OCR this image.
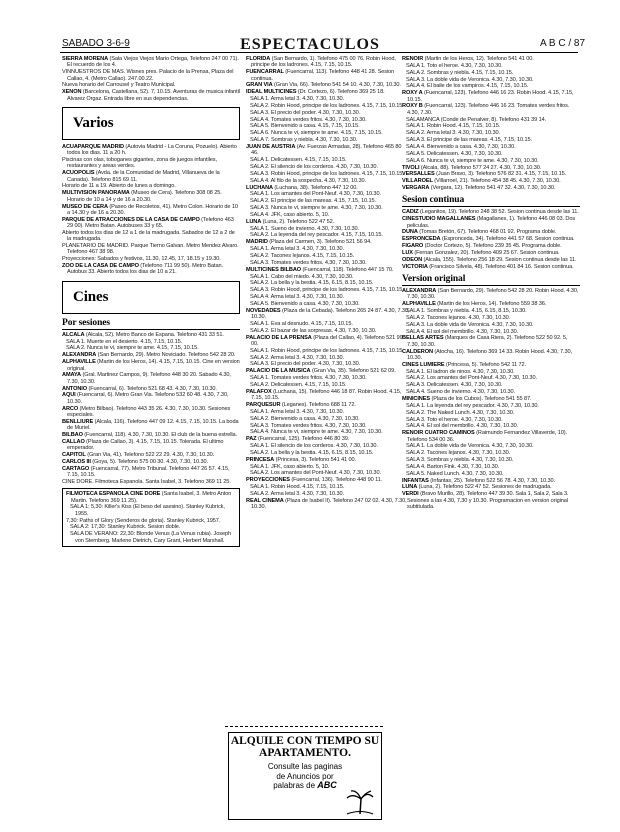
SABADO 3-6-9	ESPECTACULOS	A B C / 87

SIERRA MORENA (Sala Viejos Viejos Mario Ortega, Telefono 247 00 71). El recuerdo de los 4.

VINNUESTROS DE MAS. Wisnes pres. Palacio de la Prensa, Plaza del Callao, 4. (Metro Callao). 247.00.22.

Nueva horario del Carrousel y Teatro Municipal.

XENON (Barcelona, Castellana, 52). 7, 10.15. Aventuras de musica infantil Alvarez Orgaz. Entrada libre en sus dependencias.

Varios

ACUAPARQUE MADRID (Autovia Madrid - La Coruna, Pozuelo). Abierto todos los dias. 11 a 20 h.

Piscinas con olas, toboganes gigantes, zona de juegos infantiles, restaurantes y areas verdes.

ACUOPOLIS (Avda. de la Comunidad de Madrid, Villanueva de la Canada). Telefono 815 69 11.

Horario de 11 a 19. Abierto de lunes a domingo.

MULTIVISION PANORAMA (Museo de Cera). Telefono 308 08 25. Horario de 10 a 14 y de 16 a 20.30.

MUSEO DE CERA (Paseo de Recoletos, 41). Metro Colon. Horario de 10 a 14.30 y de 16 a 20.30.

PARQUE DE ATRACCIONES DE LA CASA DE CAMPO (Telefono 463 29 00). Metro Batan. Autobuses 33 y 65.

Abierto todos los dias de 12 a 1 de la madrugada. Sabados de 12 a 2 de la madrugada.

PLANETARIO DE MADRID. Parque Tierno Galvan. Metro Mendez Alvaro. Telefono 467 38 98.

Proyecciones: Sabados y festivos, 11.30, 12.45, 17, 18.15 y 19.30.

ZOO DE LA CASA DE CAMPO (Telefono 711 99 50). Metro Batan. Autobus 33. Abierto todos los dias de 10 a 21.

Cines
Por sesiones

ALCALA (Alcala, 52). Metro Banco de Espana. Telefono 431 33 51.

SALA 1. Muerte en el desierto. 4.15, 7.15, 10.15.

SALA 2. Nunca te vi, siempre te ame. 4.15, 7.15, 10.15.

ALEXANDRA (San Bernardo, 29). Metro Noviciado. Telefono 542 28 20.

ALPHAVILLE (Martin de los Heros, 14). 4.15, 7.15, 10.15. Cine en version original.

AMAYA (Gral. Martinez Campos, 9). Telefono 448 30 20. Sabado 4.30, 7.30, 10.30.

ANTONIO (Fuencarral, 6). Telefono 521 68 43. 4.30, 7.30, 10.30.

AQUI (Fuencarral, 6). Metro Gran Via. Telefono 532 60 48. 4.30, 7.30, 10.30.

ARCO (Metro Bilbao). Telefono 443 35 26. 4.30, 7.30, 10.30. Sesiones especiales.

BENLLIURE (Alcala, 116). Telefono 447 09 12. 4.15, 7.15, 10.15. La boda de Muriel.

BILBAO (Fuencarral, 118). 4.30, 7.30, 10.30. El club de la buena estrella.

CALLAO (Plaza de Callao, 3). 4.15, 7.15, 10.15. Tolerada. El ultimo emperador.

CAPITOL (Gran Via, 41). Telefono 522 22 29. 4.30, 7.30, 10.30.

CARLOS III (Goya, 5). Telefono 575 00 30. 4.30, 7.30, 10.30.

CARTAGO (Fuencarral, 77). Metro Tribunal. Telefono 447 26 57. 4.15, 7.15, 10.15.

CINE DORE. Filmoteca Espanola. Santa Isabel, 3. Telefono 369 11 25.

FILMOTECA ESPANOLA CINE DORE (Santa Isabel, 3. Metro Anton Martin. Telefono 369 11 25).

SALA 1: 5,30: Killer's Kiss (El beso del asesino). Stanley Kubrick, 1955.

7,30: Paths of Glory (Senderos de gloria). Stanley Kubrick, 1957.

SALA 2: 17,30: Stanley Kubrick. Sesion doble.

SALA DE VERANO: 22,30: Blonde Venus (La Venus rubia). Joseph von Sternberg. Marlene Dietrich, Cary Grant, Herbert Marshall.

FLORIDA (San Bernardo, 1). Telefono 475 00 76. Robin Hood, principe de los ladrones. 4.15, 7.15, 10.15.

FUENCARRAL (Fuencarral, 113). Telefono 448 41 28. Sesion continua.

GRAN VIA (Gran Via, 66). Telefono 541 54 10. 4.30, 7.30, 10.30.

IDEAL MULTICINES (Dr. Cortezo, 6). Telefono 369 25 18.

SALA 1. Arma letal 3. 4.30, 7.30, 10.30.

SALA 2. Robin Hood, principe de los ladrones. 4.15, 7.15, 10.15.

SALA 3. El precio del poder. 4.30, 7.30, 10.30.

SALA 4. Tomates verdes fritos. 4.30, 7.30, 10.30.

SALA 5. Bienvenido a casa. 4.15, 7.15, 10.15.

SALA 6. Nunca te vi, siempre te ame. 4.15, 7.15, 10.15.

SALA 7. Sombras y niebla. 4.30, 7.30, 10.30.

JUAN DE AUSTRIA (Av. Fuerzas Armadas, 28). Telefono 465 80 46.

SALA 1. Delicatessen. 4.15, 7.15, 10.15.

SALA 2. El silencio de los corderos. 4.30, 7.30, 10.30.

SALA 3. Robin Hood, principe de los ladrones. 4.15, 7.15, 10.15.

SALA 4. Al filo de la sospecha. 4.30, 7.30, 10.30.

LUCHANA (Luchana, 38). Telefono 447 12 00.

SALA 1. Los amantes del Pont-Neuf. 4.30, 7.30, 10.30.

SALA 2. El principe de las mareas. 4.15, 7.15, 10.15.

SALA 3. Nunca te vi, siempre te ame. 4.30, 7.30, 10.30.

SALA 4. JFK, caso abierto. 5, 10.

LUNA (Luna, 2). Telefono 522 47 52.

SALA 1. Sueno de invierno. 4.30, 7.30, 10.30.

SALA 2. La leyenda del rey pescador. 4.15, 7.15, 10.15.

MADRID (Plaza del Carmen, 3). Telefono 521 56 94.

SALA 1. Arma letal 3. 4.30, 7.30, 10.30.

SALA 2. Tacones lejanos. 4.15, 7.15, 10.15.

SALA 3. Tomates verdes fritos. 4.30, 7.30, 10.30.

MULTICINES BILBAO (Fuencarral, 118). Telefono 447 15 70.

SALA 1. Cabo del miedo. 4.30, 7.30, 10.30.

SALA 2. La bella y la bestia. 4.15, 6.15, 8.15, 10.15.

SALA 3. Robin Hood, principe de los ladrones. 4.15, 7.15, 10.15.

SALA 4. Arma letal 3. 4.30, 7.30, 10.30.

SALA 5. Bienvenido a casa. 4.30, 7.30, 10.30.

NOVEDADES (Plaza de la Cebada). Telefono 265 24 87. 4.30, 7.30, 10.30.

SALA 1. Eva al desnudo. 4.15, 7.15, 10.15.

SALA 2. El bazar de las sorpresas. 4.30, 7.30, 10.30.

PALACIO DE LA PRENSA (Plaza del Callao, 4). Telefono 521 99 00.

SALA 1. Robin Hood, principe de los ladrones. 4.15, 7.15, 10.15.

SALA 2. Arma letal 3. 4.30, 7.30, 10.30.

SALA 3. El precio del poder. 4.30, 7.30, 10.30.

PALACIO DE LA MUSICA (Gran Via, 35). Telefono 521 62 09.

SALA 1. Tomates verdes fritos. 4.30, 7.30, 10.30.

SALA 2. Delicatessen. 4.15, 7.15, 10.15.

PALAFOX (Luchana, 15). Telefono 446 18 87. Robin Hood. 4.15, 7.15, 10.15.

PARQUESUR (Leganes). Telefono 688 11 72.

SALA 1. Arma letal 3. 4.30, 7.30, 10.30.

SALA 2. Bienvenido a casa. 4.30, 7.30, 10.30.

SALA 3. Tomates verdes fritos. 4.30, 7.30, 10.30.

SALA 4. Nunca te vi, siempre te ame. 4.30, 7.30, 10.30.

PAZ (Fuencarral, 125). Telefono 446 80 39.

SALA 1. El silencio de los corderos. 4.30, 7.30, 10.30.

SALA 2. La bella y la bestia. 4.15, 6.15, 8.15, 10.15.

PRINCESA (Princesa, 3). Telefono 541 41 00.

SALA 1. JFK, caso abierto. 5, 10.

SALA 2. Los amantes del Pont-Neuf. 4.30, 7.30, 10.30.

PROYECCIONES (Fuencarral, 136). Telefono 448 90 11.

SALA 1. Robin Hood. 4.15, 7.15, 10.15.

SALA 2. Arma letal 3. 4.30, 7.30, 10.30.

REAL CINEMA (Plaza de Isabel II). Telefono 247 02 02. 4.30, 7.30, 10.30.

RENOIR (Martin de los Heros, 12). Telefono 541 41 00.

SALA 1. Toto el heroe. 4.30, 7.30, 10.30.

SALA 2. Sombras y niebla. 4.15, 7.15, 10.15.

SALA 3. La doble vida de Veronica. 4.30, 7.30, 10.30.

SALA 4. El baile de los vampiros. 4.15, 7.15, 10.15.

ROXY A (Fuencarral, 123). Telefono 446 16 23. Robin Hood. 4.15, 7.15, 10.15.

ROXY B (Fuencarral, 123). Telefono 446 16 23. Tomates verdes fritos. 4.30, 7.30.

SALAMANCA (Conde de Penalver, 8). Telefono 431 39 14.

SALA 1. Robin Hood. 4.15, 7.15, 10.15.

SALA 2. Arma letal 3. 4.30, 7.30, 10.30.

SALA 3. El principe de las mareas. 4.15, 7.15, 10.15.

SALA 4. Bienvenido a casa. 4.30, 7.30, 10.30.

SALA 5. Delicatessen. 4.30, 7.30, 10.30.

SALA 6. Nunca te vi, siempre te ame. 4.30, 7.30, 10.30.

TIVOLI (Alcala, 88). Telefono 577 24 27. 4.30, 7.30, 10.30.

VERSALLES (Juan Bravo, 3). Telefono 576 82 31. 4.15, 7.15, 10.15.

VILLAROEL (Villarroel, 21). Telefono 454 38 45. 4.30, 7.30, 10.30.

VERGARA (Vergara, 12). Telefono 541 47 32. 4.30, 7.30, 10.30.

Sesion continua

CADIZ (Leganitos, 19). Telefono 248 38 52. Sesion continua desde las 11.

CINESTUDIO MAGALLANES (Magallanes, 1). Telefono 446 08 03. Dos peliculas.

DUNA (Tomas Bretón, 67). Telefono 468 01 92. Programa doble.

ESPRONCEDA (Espronceda, 34). Telefono 441 57 68. Sesion continua.

FIGARO (Doctor Cortezo, 5). Telefono 239 35 45. Programa doble.

LUX (Fernan Gonzalez, 20). Telefono 409 25 67. Sesion continua.

ODEON (Alcala, 155). Telefono 256 18 29. Sesion continua desde las 11.

VICTORIA (Francisco Silvela, 48). Telefono 401 84 16. Sesion continua.

Version original

ALEXANDRA (San Bernardo, 29). Telefono 542 28 20. Robin Hood. 4.30, 7.30, 10.30.

ALPHAVILLE (Martin de los Heros, 14). Telefono 559 38 36.

SALA 1. Sombras y niebla. 4.15, 6.15, 8.15, 10.30.

SALA 2. Tacones lejanos. 4.30, 7.30, 10.30.

SALA 3. La doble vida de Veronica. 4.30, 7.30, 10.30.

SALA 4. El sol del membrillo. 4.30, 7.30, 10.30.

BELLAS ARTES (Marques de Casa Riera, 2). Telefono 522 50 92. 5, 7.30, 10.30.

CALDERON (Atocha, 16). Telefono 369 14 33. Robin Hood. 4.30, 7.30, 10.30.

CINES LUMIERE (Princesa, 5). Telefono 542 11 72.

SALA 1. El ladron de ninos. 4.30, 7.30, 10.30.

SALA 2. Los amantes del Pont-Neuf. 4.30, 7.30, 10.30.

SALA 3. Delicatessen. 4.30, 7.30, 10.30.

SALA 4. Sueno de invierno. 4.30, 7.30, 10.30.

MINICINES (Plaza de los Cubos). Telefono 541 55 87.

SALA 1. La leyenda del rey pescador. 4.30, 7.30, 10.30.

SALA 2. The Naked Lunch. 4.30, 7.30, 10.30.

SALA 3. Toto el heroe. 4.30, 7.30, 10.30.

SALA 4. El sol del membrillo. 4.30, 7.30, 10.30.

RENOIR CUATRO CAMINOS (Raimundo Fernandez Villaverde, 10). Telefono 534 00 36.

SALA 1. La doble vida de Veronica. 4.30, 7.30, 10.30.

SALA 2. Tacones lejanos. 4.30, 7.30, 10.30.

SALA 3. Sombras y niebla. 4.30, 7.30, 10.30.

SALA 4. Barton Fink. 4.30, 7.30, 10.30.

SALA 5. Naked Lunch. 4.30, 7.30, 10.30.

INFANTAS (Infantas, 25). Telefono 522 56 78. 4.30, 7.30, 10.30.

LUNA (Luna, 2). Telefono 522 47 52. Sesiones de madrugada.

VERDI (Bravo Murillo, 28). Telefono 447 39 30. Sala 1, Sala 2, Sala 3. Sesiones a las 4.30, 7.30 y 10.30. Programacion en version original subtitulada.

ALQUILE CON TIEMPO SU
APARTAMENTO.
Consulte las paginas
de Anuncios por
palabras de ABC
